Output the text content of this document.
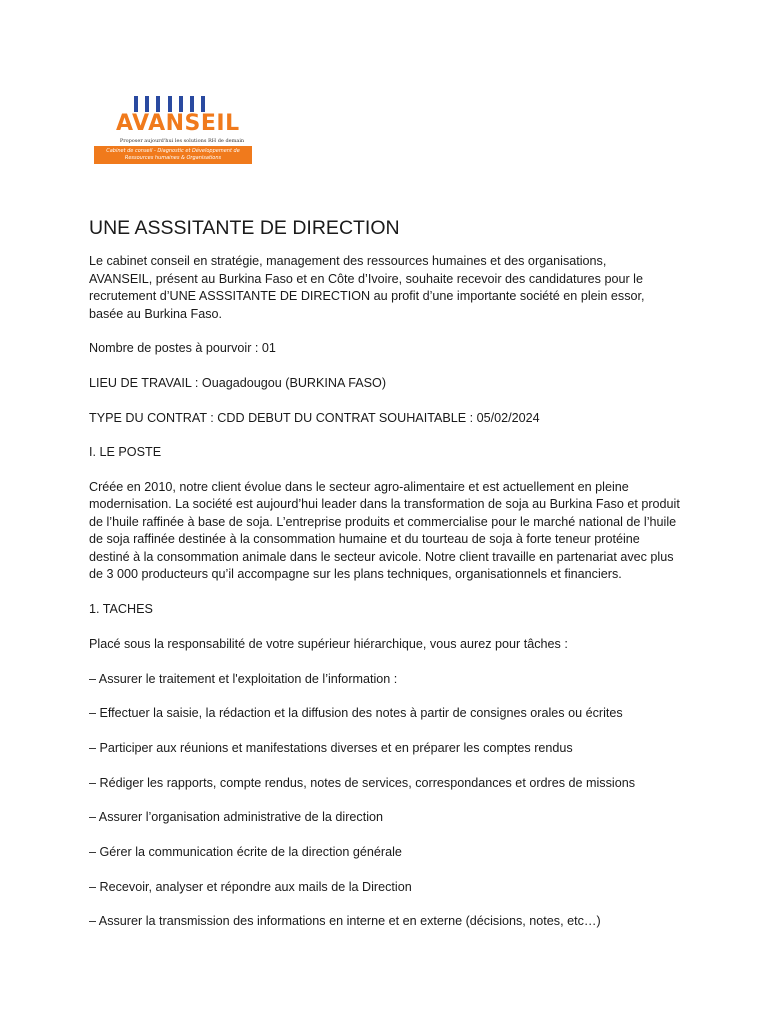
AVANSEIL
Proposer aujourd'hui les solutions RH de demain
Cabinet de conseil - Diagnostic et Développement de Ressources humaines & Organisations
UNE ASSSITANTE DE DIRECTION

Le cabinet conseil en stratégie, management des ressources humaines et des organisations, AVANSEIL, présent au Burkina Faso et en Côte d’Ivoire, souhaite recevoir des candidatures pour le recrutement d’UNE ASSSITANTE DE DIRECTION au profit d’une importante société en plein essor, basée au Burkina Faso.

Nombre de postes à pourvoir : 01

LIEU DE TRAVAIL : Ouagadougou (BURKINA FASO)

TYPE DU CONTRAT : CDD DEBUT DU CONTRAT SOUHAITABLE : 05/02/2024

I. LE POSTE

Créée en 2010, notre client évolue dans le secteur agro-alimentaire et est actuellement en pleine modernisation. La société est aujourd’hui leader dans la transformation de soja au Burkina Faso et produit de l’huile raffinée à base de soja. L’entreprise produits et commercialise pour le marché national de l’huile de soja raffinée destinée à la consommation humaine et du tourteau de soja à forte teneur protéine destiné à la consommation animale dans le secteur avicole. Notre client travaille en partenariat avec plus de 3 000 producteurs qu’il accompagne sur les plans techniques, organisationnels et financiers.

1. TACHES

Placé sous la responsabilité de votre supérieur hiérarchique, vous aurez pour tâches :

– Assurer le traitement et l'exploitation de l’information :

– Effectuer la saisie, la rédaction et la diffusion des notes à partir de consignes orales ou écrites

– Participer aux réunions et manifestations diverses et en préparer les comptes rendus

– Rédiger les rapports, compte rendus, notes de services, correspondances et ordres de missions

– Assurer l’organisation administrative de la direction

– Gérer la communication écrite de la direction générale

– Recevoir, analyser et répondre aux mails de la Direction

– Assurer la transmission des informations en interne et en externe (décisions, notes, etc…)
